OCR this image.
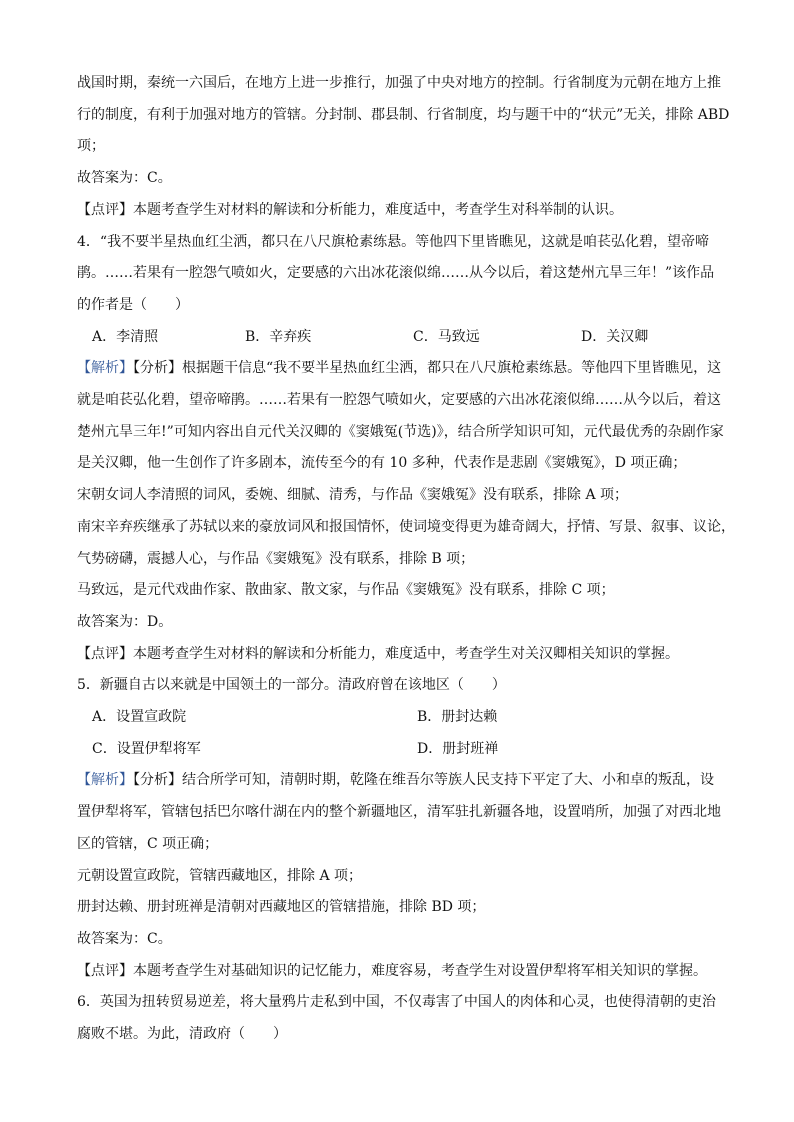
战国时期，秦统一六国后，在地方上进一步推行，加强了中央对地方的控制。行省制度为元朝在地方上推

行的制度，有利于加强对地方的管辖。分封制、郡县制、行省制度，均与题干中的“状元”无关，排除 ABD

项；

故答案为：C。

【点评】本题考查学生对材料的解读和分析能力，难度适中，考查学生对科举制的认识。

4．“我不要半星热血红尘洒，都只在八尺旗枪素练悬。等他四下里皆瞧见，这就是咱苌弘化碧，望帝啼

鹃。……若果有一腔怨气喷如火，定要感的六出冰花滚似绵……从今以后，着这楚州亢旱三年！”该作品

的作者是（　　）

A．李清照	B．辛弃疾	C．马致远	D．关汉卿

【解析】【分析】根据题干信息“我不要半星热血红尘洒，都只在八尺旗枪素练悬。等他四下里皆瞧见，这

就是咱苌弘化碧，望帝啼鹃。……若果有一腔怨气喷如火，定要感的六出冰花滚似绵……从今以后，着这

楚州亢旱三年!”可知内容出自元代关汉卿的《窦娥冤(节选)》，结合所学知识可知，元代最优秀的杂剧作家

是关汉卿，他一生创作了许多剧本，流传至今的有 10 多种，代表作是悲剧《窦娥冤》，D 项正确；

宋朝女词人李清照的词风，委婉、细腻、清秀，与作品《窦娥冤》没有联系，排除 A 项；

南宋辛弃疾继承了苏轼以来的豪放词风和报国情怀，使词境变得更为雄奇阔大，抒情、写景、叙事、议论，

气势磅礴，震撼人心，与作品《窦娥冤》没有联系，排除 B 项；

马致远，是元代戏曲作家、散曲家、散文家，与作品《窦娥冤》没有联系，排除 C 项；

故答案为：D。

【点评】本题考查学生对材料的解读和分析能力，难度适中，考查学生对关汉卿相关知识的掌握。

5．新疆自古以来就是中国领土的一部分。清政府曾在该地区（　　）

A．设置宣政院	B．册封达赖
C．设置伊犁将军	D．册封班禅

【解析】【分析】结合所学可知，清朝时期，乾隆在维吾尔等族人民支持下平定了大、小和卓的叛乱，设

置伊犁将军，管辖包括巴尔喀什湖在内的整个新疆地区，清军驻扎新疆各地，设置哨所，加强了对西北地

区的管辖，C 项正确；

元朝设置宣政院，管辖西藏地区，排除 A 项；

册封达赖、册封班禅是清朝对西藏地区的管辖措施，排除 BD 项；

故答案为：C。

【点评】本题考查学生对基础知识的记忆能力，难度容易，考查学生对设置伊犁将军相关知识的掌握。

6．英国为扭转贸易逆差，将大量鸦片走私到中国，不仅毒害了中国人的肉体和心灵，也使得清朝的吏治

腐败不堪。为此，清政府（　　）
